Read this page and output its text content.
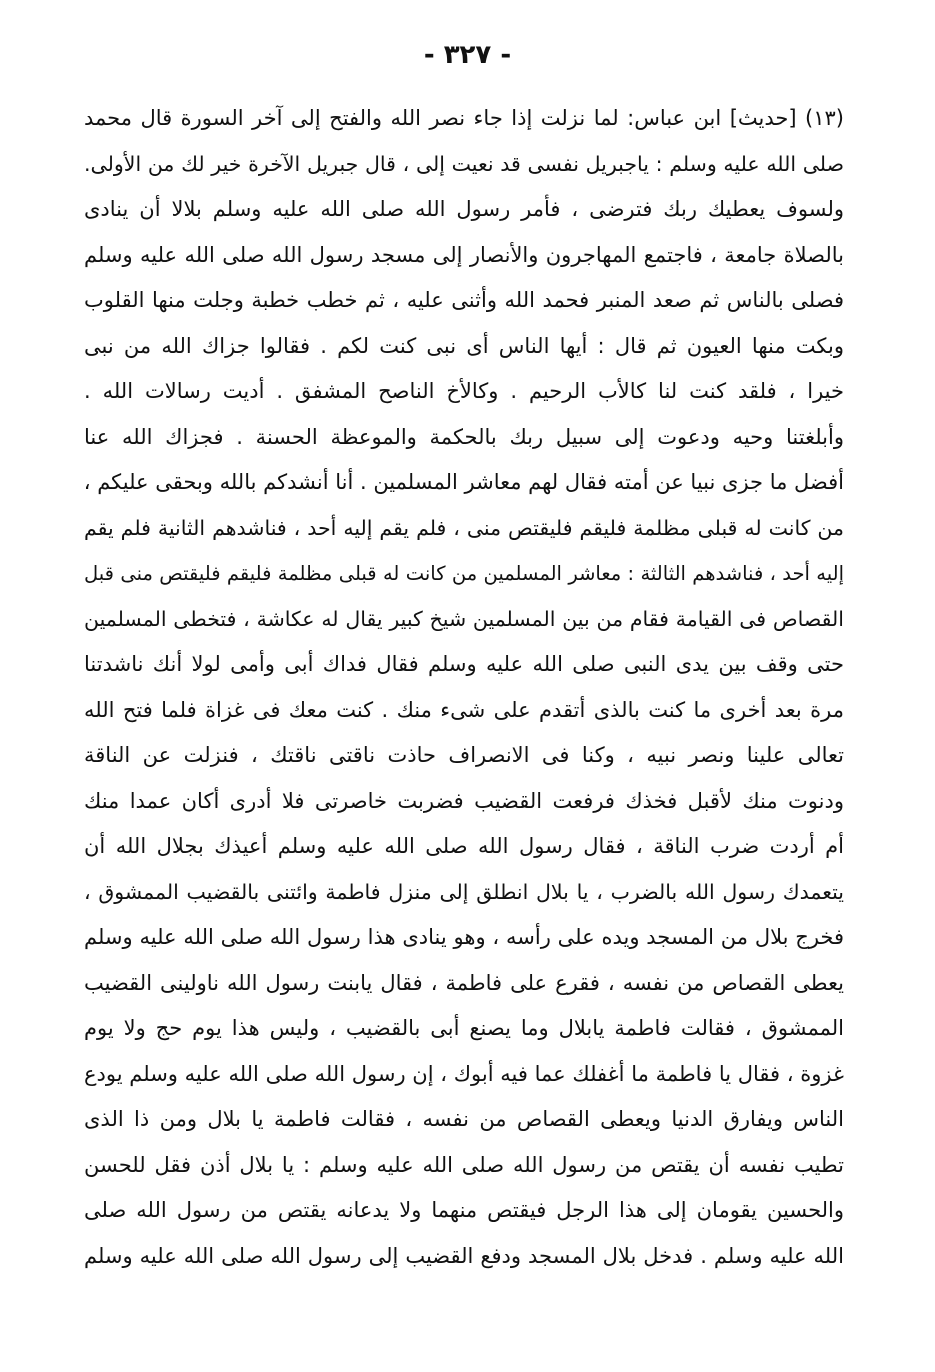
- ٣٢٧ -
(١٣) [حديث] ابن عباس: لما نزلت إذا جاء نصر الله والفتح إلى آخر السورة قال محمد
صلى الله عليه وسلم : ياجبريل نفسى قد نعيت إلى ، قال جبريل الآخرة خير لك من الأولى.
ولسوف يعطيك ربك فترضى ، فأمر رسول الله صلى الله عليه وسلم بلالا أن ينادى
بالصلاة جامعة ، فاجتمع المهاجرون والأنصار إلى مسجد رسول الله صلى الله عليه وسلم
فصلى بالناس ثم صعد المنبر فحمد الله وأثنى عليه ، ثم خطب خطبة وجلت منها القلوب
وبكت منها العيون ثم قال : أيها الناس أى نبى كنت لكم . فقالوا جزاك الله من نبى
خيرا ، فلقد كنت لنا كالأب الرحيم . وكالأخ الناصح المشفق . أديت رسالات الله .
وأبلغتنا وحيه ودعوت إلى سبيل ربك بالحكمة والموعظة الحسنة . فجزاك الله عنا
أفضل ما جزى نبيا عن أمته فقال لهم معاشر المسلمين . أنا أنشدكم بالله وبحقى عليكم ،
من كانت له قبلى مظلمة فليقم فليقتص منى ، فلم يقم إليه أحد ، فناشدهم الثانية فلم يقم
إليه أحد ، فناشدهم الثالثة : معاشر المسلمين من كانت له قبلى مظلمة فليقم فليقتص منى قبل
القصاص فى القيامة فقام من بين المسلمين شيخ كبير يقال له عكاشة ، فتخطى المسلمين
حتى وقف بين يدى النبى صلى الله عليه وسلم فقال فداك أبى وأمى لولا أنك ناشدتنا
مرة بعد أخرى ما كنت بالذى أتقدم على شىء منك . كنت معك فى غزاة فلما فتح الله
تعالى علينا ونصر نبيه ، وكنا فى الانصراف حاذت ناقتى ناقتك ، فنزلت عن الناقة
ودنوت منك لأقبل فخذك فرفعت القضيب فضربت خاصرتى فلا أدرى أكان عمدا منك
أم أردت ضرب الناقة ، فقال رسول الله صلى الله عليه وسلم أعيذك بجلال الله أن
يتعمدك رسول الله بالضرب ، يا بلال انطلق إلى منزل فاطمة وائتنى بالقضيب الممشوق ،
فخرج بلال من المسجد ويده على رأسه ، وهو ينادى هذا رسول الله صلى الله عليه وسلم
يعطى القصاص من نفسه ، فقرع على فاطمة ، فقال يابنت رسول الله ناولينى القضيب
الممشوق ، فقالت فاطمة يابلال وما يصنع أبى بالقضيب ، وليس هذا يوم حج ولا يوم
غزوة ، فقال يا فاطمة ما أغفلك عما فيه أبوك ، إن رسول الله صلى الله عليه وسلم يودع
الناس ويفارق الدنيا ويعطى القصاص من نفسه ، فقالت فاطمة يا بلال ومن ذا الذى
تطيب نفسه أن يقتص من رسول الله صلى الله عليه وسلم : يا بلال أذن فقل للحسن
والحسين يقومان إلى هذا الرجل فيقتص منهما ولا يدعانه يقتص من رسول الله صلى
الله عليه وسلم . فدخل بلال المسجد ودفع القضيب إلى رسول الله صلى الله عليه وسلم
